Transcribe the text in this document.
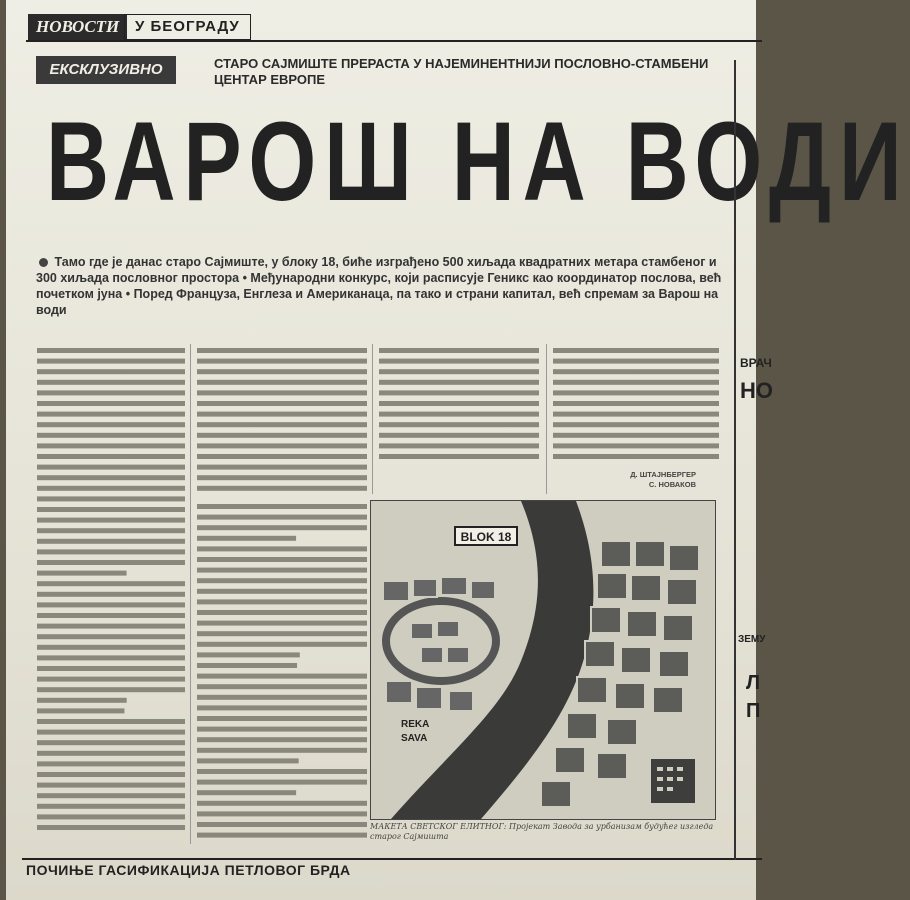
НОВОСТИ	У БЕОГРАДУ
ЕКСКЛУЗИВНО	СТАРО САЈМИШТЕ ПРЕРАСТА У НАЈЕМИНЕНТНИЈИ ПОСЛОВНО-СТАМБЕНИ ЦЕНТАР ЕВРОПЕ
ВАРОШ НА ВОДИ
Тамо где је данас старо Сајмиште, у блоку 18, биће изграђено 500 хиљада квадратних метара стамбеног и 300 хиљада пословног простора • Међународни конкурс, који расписује Геникс као координатор послова, већ почетком јуна • Поред Француза, Енглеза и Американаца, па тако и страни капитал, већ спремам за Варош на води
Д. ШТАЈНБЕРГЕР
С. НОВАКОВ
BLOK 18
REKA
SAVA
МАКЕТА СВЕТСКОГ ЕЛИТНОГ: Пројекат Завода за урбанизам будућег изгледа старог Сајмишта
ПОЧИЊЕ ГАСИФИКАЦИЈА ПЕТЛОВОГ БРДА
ВРАЧ
НО
ЗЕМУ
Л
П
